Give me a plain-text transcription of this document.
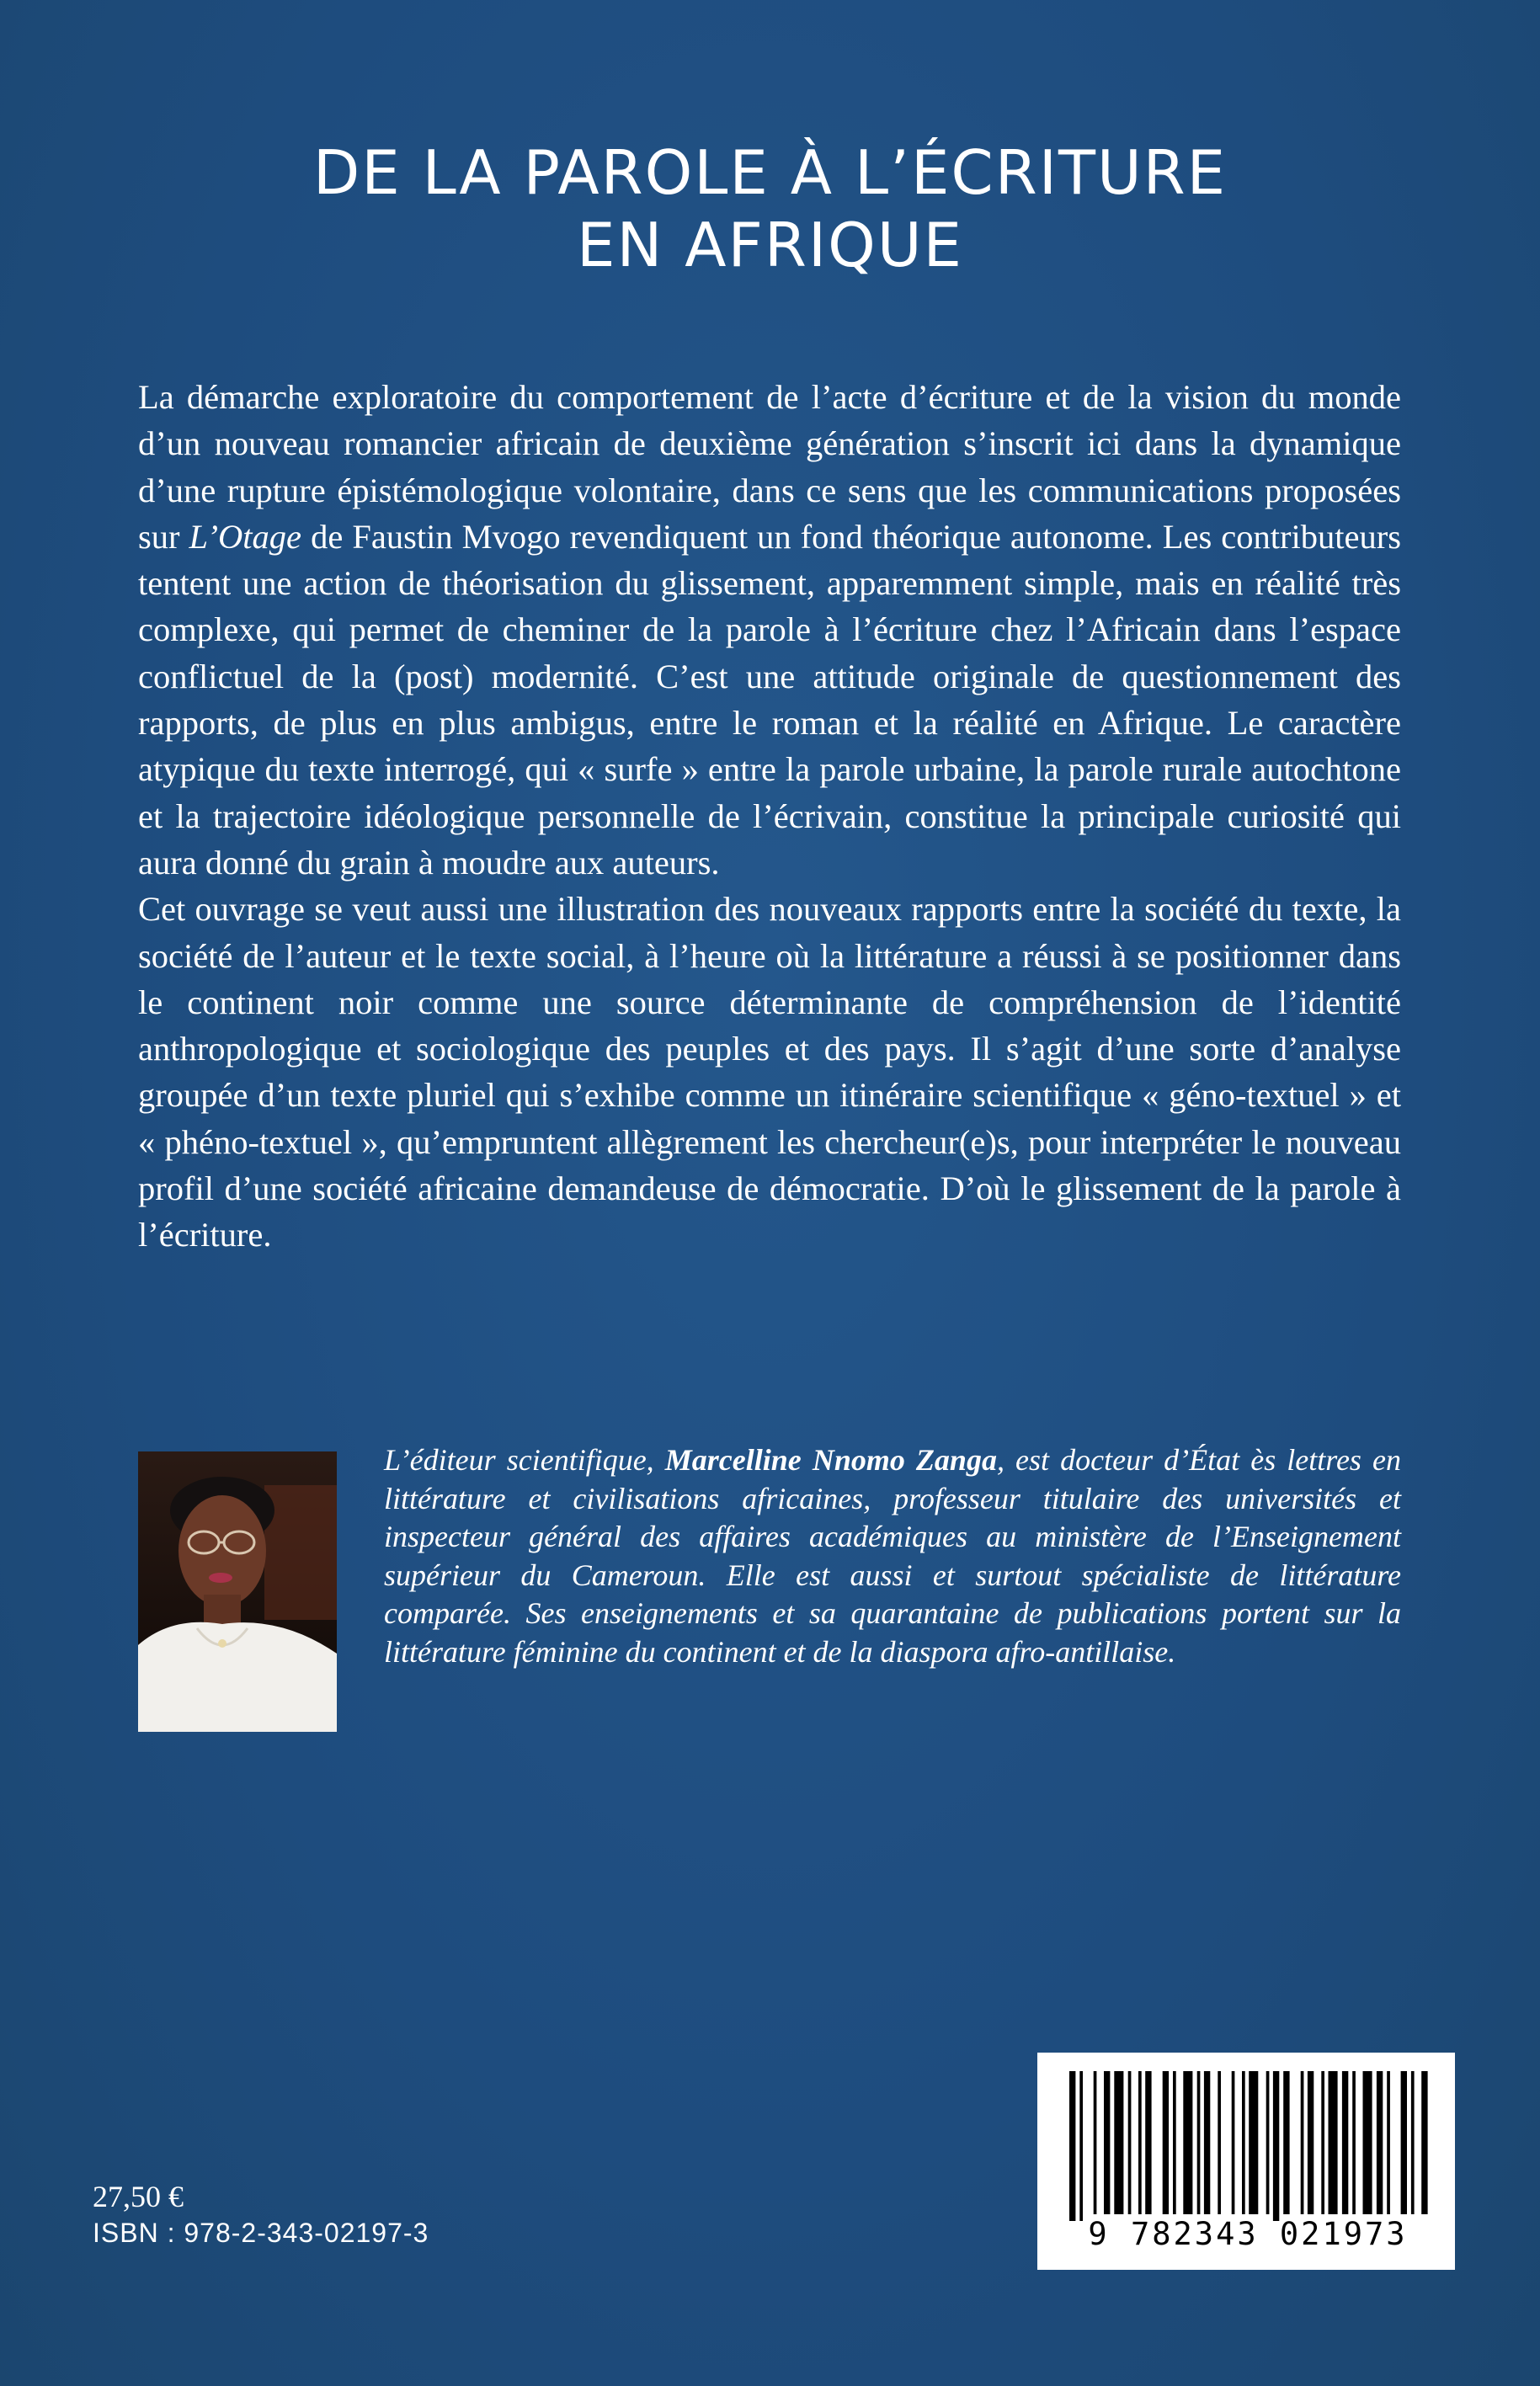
DE LA PAROLE À L’ÉCRITURE
EN AFRIQUE

La démarche exploratoire du comportement de l’acte d’écriture et de la vision du monde d’un nouveau romancier africain de deuxième génération s’inscrit ici dans la dynamique d’une rupture épistémologique volontaire, dans ce sens que les communications proposées sur L’Otage de Faustin Mvogo revendiquent un fond théorique autonome. Les contributeurs tentent une action de théorisation du glissement, apparemment simple, mais en réalité très complexe, qui permet de cheminer de la parole à l’écriture chez l’Africain dans l’espace conflictuel de la (post) modernité. C’est une attitude originale de questionnement des rapports, de plus en plus ambigus, entre le roman et la réalité en Afrique. Le caractère atypique du texte interrogé, qui « surfe » entre la parole urbaine, la parole rurale autochtone et la trajectoire idéologique personnelle de l’écrivain, constitue la principale curiosité qui aura donné du grain à moudre aux auteurs.

Cet ouvrage se veut aussi une illustration des nouveaux rapports entre la société du texte, la société de l’auteur et le texte social, à l’heure où la littérature a réussi à se positionner dans le continent noir comme une source déterminante de compréhension de l’identité anthropologique et sociologique des peuples et des pays. Il s’agit d’une sorte d’analyse groupée d’un texte pluriel qui s’exhibe comme un itinéraire scientifique « géno-textuel » et « phéno-textuel », qu’empruntent allègrement les chercheur(e)s, pour interpréter le nouveau profil d’une société africaine demandeuse de démocratie. D’où le glissement de la parole à l’écriture.

L’éditeur scientifique, Marcelline Nnomo Zanga, est docteur d’État ès lettres en littérature et civilisations africaines, professeur titulaire des universités et inspecteur général des affaires académiques au ministère de l’Enseignement supérieur du Cameroun. Elle est aussi et surtout spécialiste de littérature comparée. Ses enseignements et sa quarantaine de publications portent sur la littérature féminine du continent et de la diaspora afro-antillaise.
27,50 €
ISBN : 978-2-343-02197-3	9 782343 021973
